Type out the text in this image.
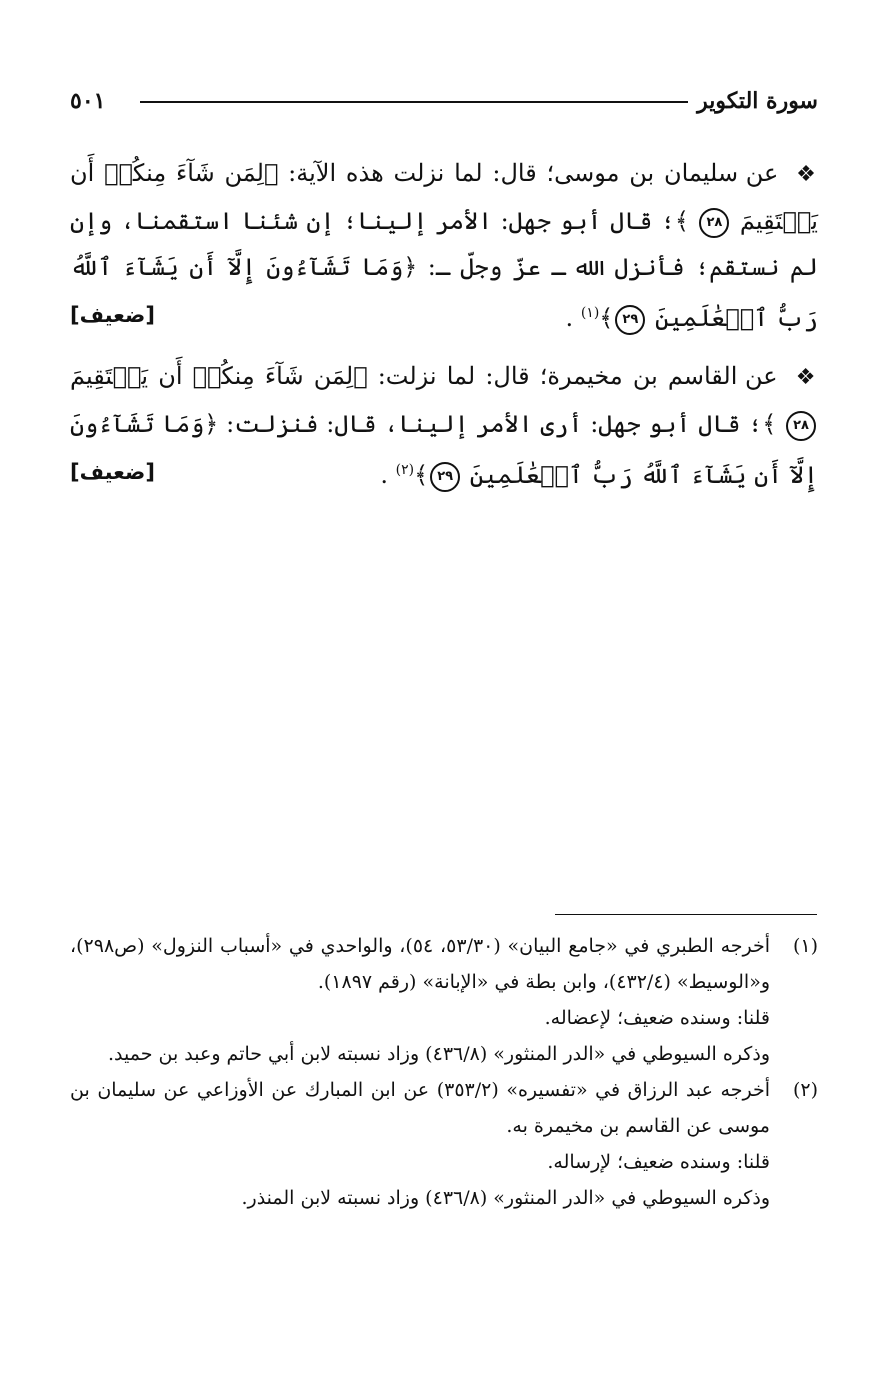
سورة التكوير
٥٠١

❖ عن سليمان بن موسى؛ قال: لما نزلت هذه الآية: ﴿لِمَن شَآءَ مِنكُمۡ أَن يَسۡتَقِيمَ ٢٨ ﴾؛ قال أبو جهل: الأمر إلينا؛ إن شئنا استقمنا، وإن لم نستقم؛ فأنزل الله ـ عزّ وجلّ ـ: ﴿وَمَا تَشَآءُونَ إِلَّآ أَن يَشَآءَ ٱللَّهُ رَبُّ ٱلۡعَٰلَمِينَ ٢٩﴾$^{(١)}$ .
[ضعيف]

❖ عن القاسم بن مخيمرة؛ قال: لما نزلت: ﴿لِمَن شَآءَ مِنكُمۡ أَن يَسۡتَقِيمَ ٢٨ ﴾؛ قال أبو جهل: أرى الأمر إلينا، قال: فنزلت: ﴿وَمَا تَشَآءُونَ إِلَّآ أَن يَشَآءَ ٱللَّهُ رَبُّ ٱلۡعَٰلَمِينَ ٢٩﴾$^{(٢)}$ .
[ضعيف]

(١)

أخرجه الطبري في «جامع البيان» (٥٣/٣٠، ٥٤)، والواحدي في «أسباب النزول» (ص٢٩٨)، و«الوسيط» (٤٣٢/٤)، وابن بطة في «الإبانة» (رقم ١٨٩٧).

قلنا: وسنده ضعيف؛ لإعضاله.

وذكره السيوطي في «الدر المنثور» (٤٣٦/٨) وزاد نسبته لابن أبي حاتم وعبد بن حميد.

(٢)

أخرجه عبد الرزاق في «تفسيره» (٣٥٣/٢) عن ابن المبارك عن الأوزاعي عن سليمان بن موسى عن القاسم بن مخيمرة به.

قلنا: وسنده ضعيف؛ لإرساله.

وذكره السيوطي في «الدر المنثور» (٤٣٦/٨) وزاد نسبته لابن المنذر.
